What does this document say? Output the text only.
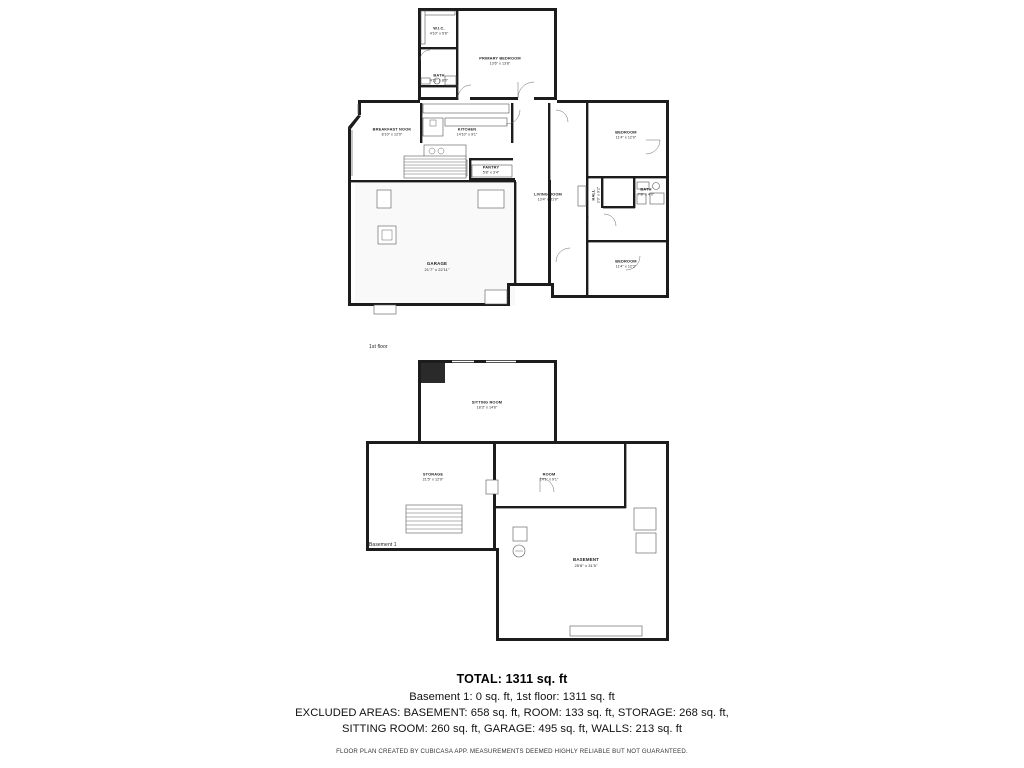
W.I.C.
4'10" x 5'6"
PRIMARY BEDROOM
13'6" x 13'8"
BATH
4'11" x 8'0"
BREAKFAST NOOK
8'10" x 12'9"
KITCHEN
14'10" x 9'1"
PANTRY
5'8" x 3'4"
BEDROOM
11'4" x 12'9"
LIVING ROOM
13'4" x 31'0"
BATH
7'8" x 4'0"
HALL 3'3" x 9'2"
GARAGE
21'7" x 22'11"
BEDROOM
11'4" x 12'3"
1st floor
SITTING ROOM
18'3" x 14'6"
STORAGE
21'5" x 12'9"
ROOM
14'1" x 9'1"
BASEMENT
25'8" x 31'5"
Basement 1
TOTAL: 1311 sq. ft
Basement 1: 0 sq. ft, 1st floor: 1311 sq. ft
EXCLUDED AREAS: BASEMENT: 658 sq. ft, ROOM: 133 sq. ft, STORAGE: 268 sq. ft,
SITTING ROOM: 260 sq. ft, GARAGE: 495 sq. ft, WALLS: 213 sq. ft
FLOOR PLAN CREATED BY CUBICASA APP. MEASUREMENTS DEEMED HIGHLY RELIABLE BUT NOT GUARANTEED.
